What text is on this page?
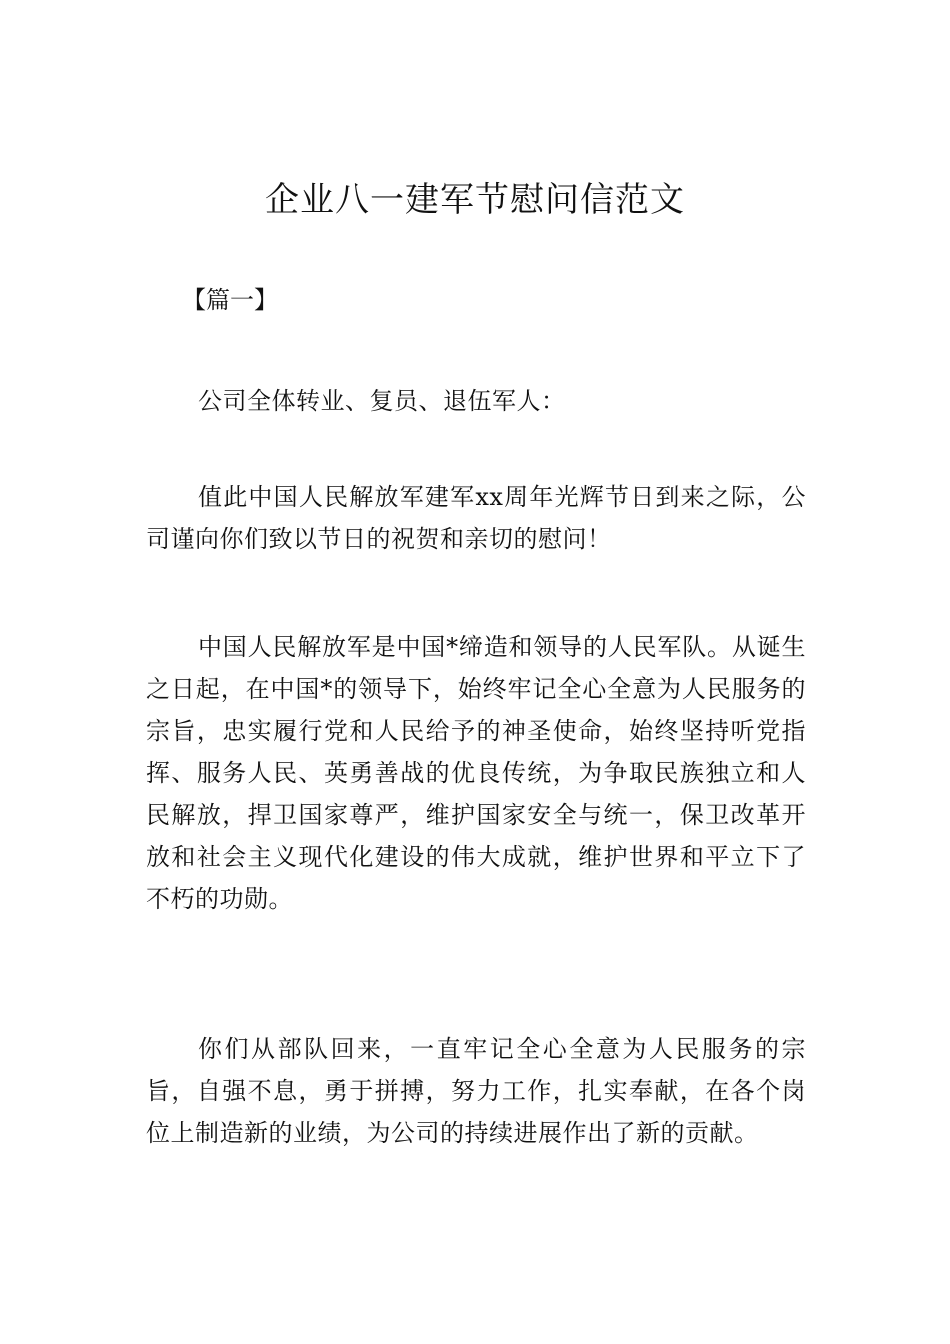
企业八一建军节慰问信范文

【篇一】

公司全体转业、复员、退伍军人：

值此中国人民解放军建军xx周年光辉节日到来之际，公司谨向你们致以节日的祝贺和亲切的慰问！

中国人民解放军是中国*缔造和领导的人民军队。从诞生之日起，在中国*的领导下，始终牢记全心全意为人民服务的宗旨，忠实履行党和人民给予的神圣使命，始终坚持听党指挥、服务人民、英勇善战的优良传统，为争取民族独立和人民解放，捍卫国家尊严，维护国家安全与统一，保卫改革开放和社会主义现代化建设的伟大成就，维护世界和平立下了不朽的功勋。

你们从部队回来，一直牢记全心全意为人民服务的宗旨，自强不息，勇于拼搏，努力工作，扎实奉献，在各个岗位上制造新的业绩，为公司的持续进展作出了新的贡献。
